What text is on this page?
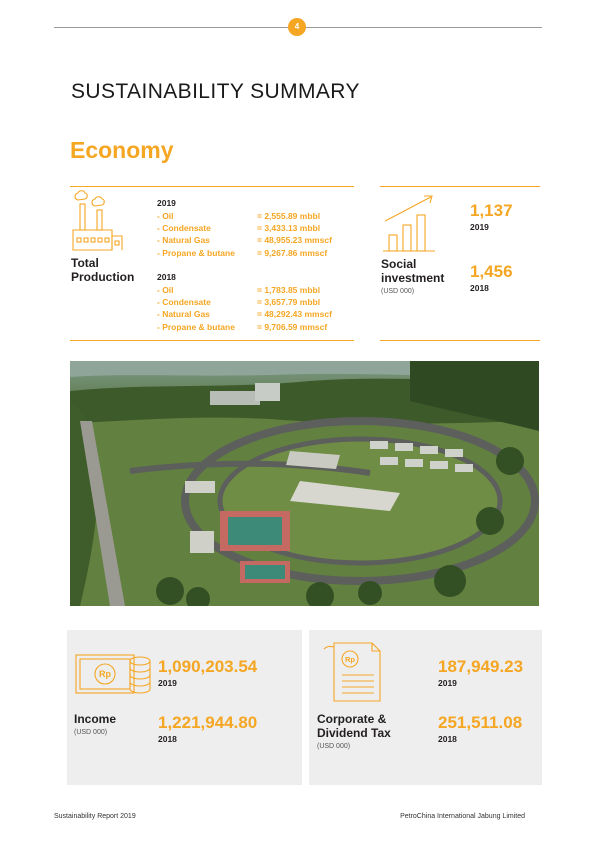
4
SUSTAINABILITY SUMMARY
Economy
Total
Production
2019
- Oil	= 2,555.89 mbbl
- Condensate	= 3,433.13 mbbl
- Natural Gas	= 48,955.23 mmscf
- Propane & butane	= 9,267.86 mmscf
2018
- Oil	= 1,783.85 mbbl
- Condensate	= 3,657.79 mbbl
- Natural Gas	= 48,292.43 mmscf
- Propane & butane	= 9,706.59 mmscf
Social
investment
(USD 000)
1,137
2019
1,456
2018
Rp
Income
(USD 000)
1,090,203.54
2019
1,221,944.80
2018
Rp
Corporate &
Dividend Tax
(USD 000)
187,949.23
2019
251,511.08
2018
Sustainability Report 2019	PetroChina International Jabung Limited
